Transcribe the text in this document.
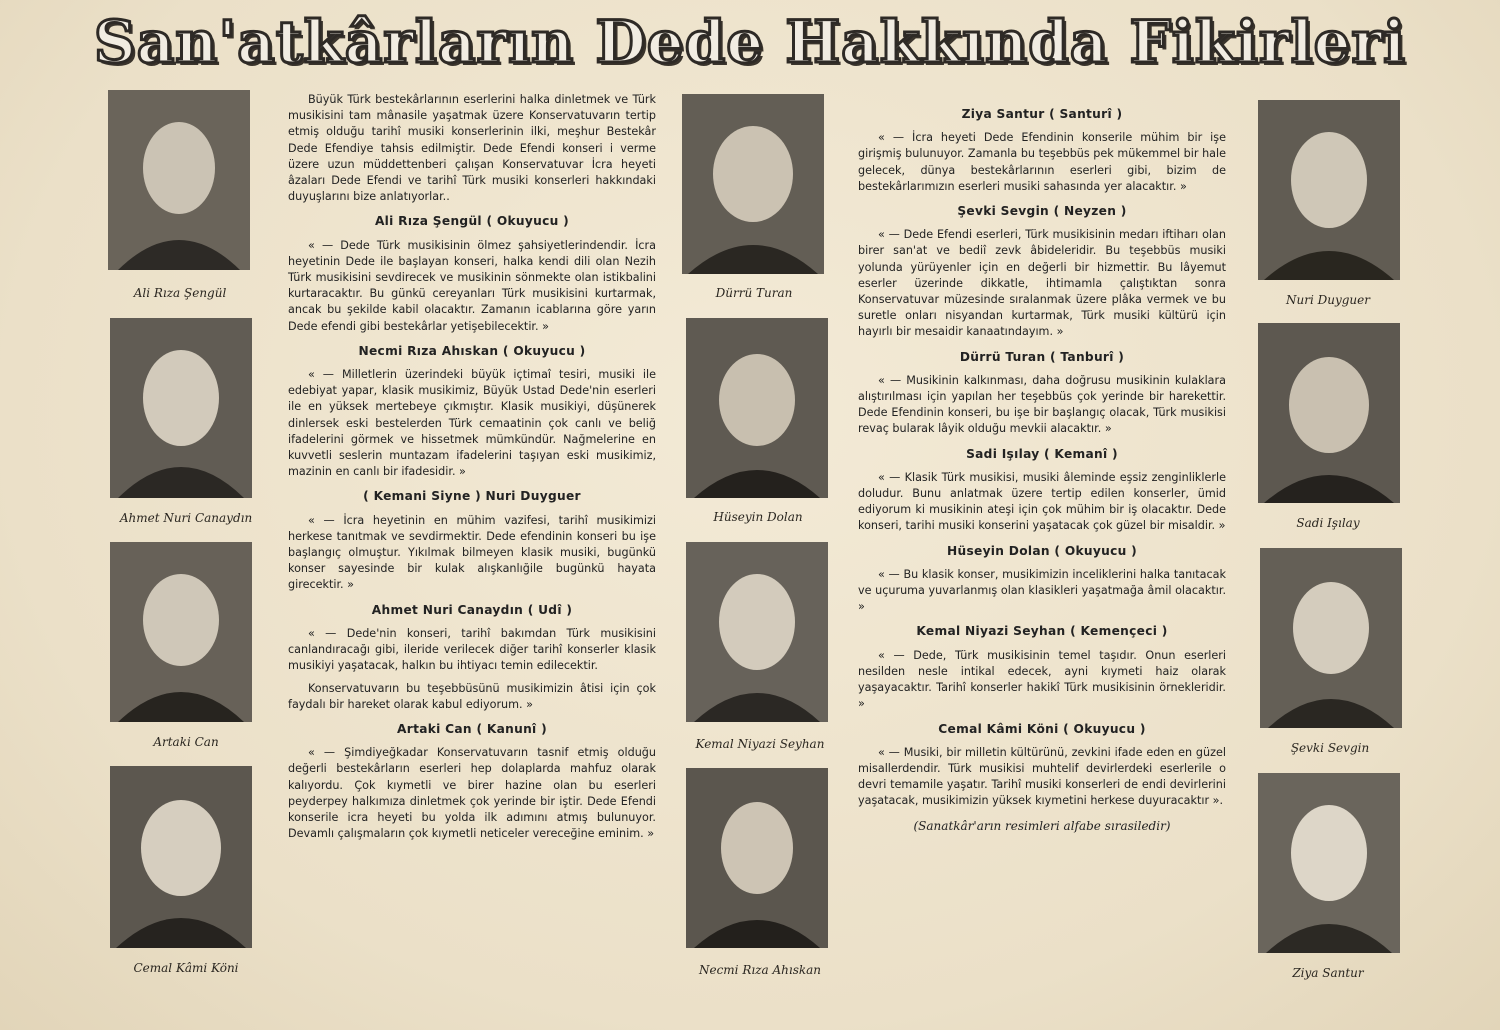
San'atkârların Dede Hakkında Fikirleri
Ali Rıza Şengül
Ahmet Nuri Canaydın
Artaki Can
Cemal Kâmi Köni

Büyük Türk bestekârlarının eserlerini halka dinletmek ve Türk musikisini tam mânasile yaşatmak üzere Konservatuvarın tertip etmiş olduğu tarihî musiki konserlerinin ilki, meşhur Bestekâr Dede Efendiye tahsis edilmiştir. Dede Efendi konseri i verme üzere uzun müddettenberi çalışan Konservatuvar İcra heyeti âzaları Dede Efendi ve tarihî Türk musiki konserleri hakkındaki duyuşlarını bize anlatıyorlar..

Ali Rıza Şengül ( Okuyucu )

« — Dede Türk musikisinin ölmez şahsiyetlerindendir. İcra heyetinin Dede ile başlayan konseri, halka kendi dili olan Nezih Türk musikisini sevdirecek ve musikinin sönmekte olan istikbalini kurtaracaktır. Bu günkü cereyanları Türk musikisini kurtarmak, ancak bu şekilde kabil olacaktır. Zamanın icablarına göre yarın Dede efendi gibi bestekârlar yetişebilecektir. »

Necmi Rıza Ahıskan ( Okuyucu )

« — Milletlerin üzerindeki büyük içtimaî tesiri, musiki ile edebiyat yapar, klasik musikimiz, Büyük Ustad Dede'nin eserleri ile en yüksek mertebeye çıkmıştır. Klasik musikiyi, düşünerek dinlersek eski bestelerden Türk cemaatinin çok canlı ve beliğ ifadelerini görmek ve hissetmek mümkündür. Nağmelerine en kuvvetli seslerin muntazam ifadelerini taşıyan eski musikimiz, mazinin en canlı bir ifadesidir. »

( Kemani Siyne ) Nuri Duyguer

« — İcra heyetinin en mühim vazifesi, tarihî musikimizi herkese tanıtmak ve sevdirmektir. Dede efendinin konseri bu işe başlangıç olmuştur. Yıkılmak bilmeyen klasik musiki, bugünkü konser sayesinde bir kulak alışkanlığile bugünkü hayata girecektir. »

Ahmet Nuri Canaydın ( Udî )

« — Dede'nin konseri, tarihî bakımdan Türk musikisini canlandıracağı gibi, ileride verilecek diğer tarihî konserler klasik musikiyi yaşatacak, halkın bu ihtiyacı temin edilecektir.

Konservatuvarın bu teşebbüsünü musikimizin âtisi için çok faydalı bir hareket olarak kabul ediyorum. »

Artaki Can ( Kanunî )

« — Şimdiyeğkadar Konservatuvarın tasnif etmiş olduğu değerli bestekârların eserleri hep dolaplarda mahfuz olarak kalıyordu. Çok kıymetli ve birer hazine olan bu eserleri peyderpey halkımıza dinletmek çok yerinde bir iştir. Dede Efendi konserile icra heyeti bu yolda ilk adımını atmış bulunuyor. Devamlı çalışmaların çok kıymetli neticeler vereceğine eminim. »

Dürrü Turan
Hüseyin Dolan
Kemal Niyazi Seyhan
Necmi Rıza Ahıskan
Ziya Santur ( Santurî )

« — İcra heyeti Dede Efendinin konserile mühim bir işe girişmiş bulunuyor. Zamanla bu teşebbüs pek mükemmel bir hale gelecek, dünya bestekârlarının eserleri gibi, bizim de bestekârlarımızın eserleri musiki sahasında yer alacaktır. »

Şevki Sevgin ( Neyzen )

« — Dede Efendi eserleri, Türk musikisinin medarı iftiharı olan birer san'at ve bediî zevk âbideleridir. Bu teşebbüs musiki yolunda yürüyenler için en değerli bir hizmettir. Bu lâyemut eserler üzerinde dikkatle, ihtimamla çalıştıktan sonra Konservatuvar müzesinde sıralanmak üzere plâka vermek ve bu suretle onları nisyandan kurtarmak, Türk musiki kültürü için hayırlı bir mesaidir kanaatındayım. »

Dürrü Turan ( Tanburî )

« — Musikinin kalkınması, daha doğrusu musikinin kulaklara alıştırılması için yapılan her teşebbüs çok yerinde bir harekettir. Dede Efendinin konseri, bu işe bir başlangıç olacak, Türk musikisi revaç bularak lâyik olduğu mevkii alacaktır. »

Sadi Işılay ( Kemanî )

« — Klasik Türk musikisi, musiki âleminde eşsiz zenginliklerle doludur. Bunu anlatmak üzere tertip edilen konserler, ümid ediyorum ki musikinin ateşi için çok mühim bir iş olacaktır. Dede konseri, tarihi musiki konserini yaşatacak çok güzel bir misaldir. »

Hüseyin Dolan ( Okuyucu )

« — Bu klasik konser, musikimizin inceliklerini halka tanıtacak ve uçuruma yuvarlanmış olan klasikleri yaşatmağa âmil olacaktır. »

Kemal Niyazi Seyhan ( Kemençeci )

« — Dede, Türk musikisinin temel taşıdır. Onun eserleri nesilden nesle intikal edecek, ayni kıymeti haiz olarak yaşayacaktır. Tarihî konserler hakikî Türk musikisinin örnekleridir. »

Cemal Kâmi Köni ( Okuyucu )

« — Musiki, bir milletin kültürünü, zevkini ifade eden en güzel misallerdendir. Türk musikisi muhtelif devirlerdeki eserlerile o devri temamile yaşatır. Tarihî musiki konserleri de endi devirlerini yaşatacak, musikimizin yüksek kıymetini herkese duyuracaktır ».

(Sanatkâr'arın resimleri alfabe sırasiledir)
Nuri Duyguer
Sadi Işılay
Şevki Sevgin
Ziya Santur
